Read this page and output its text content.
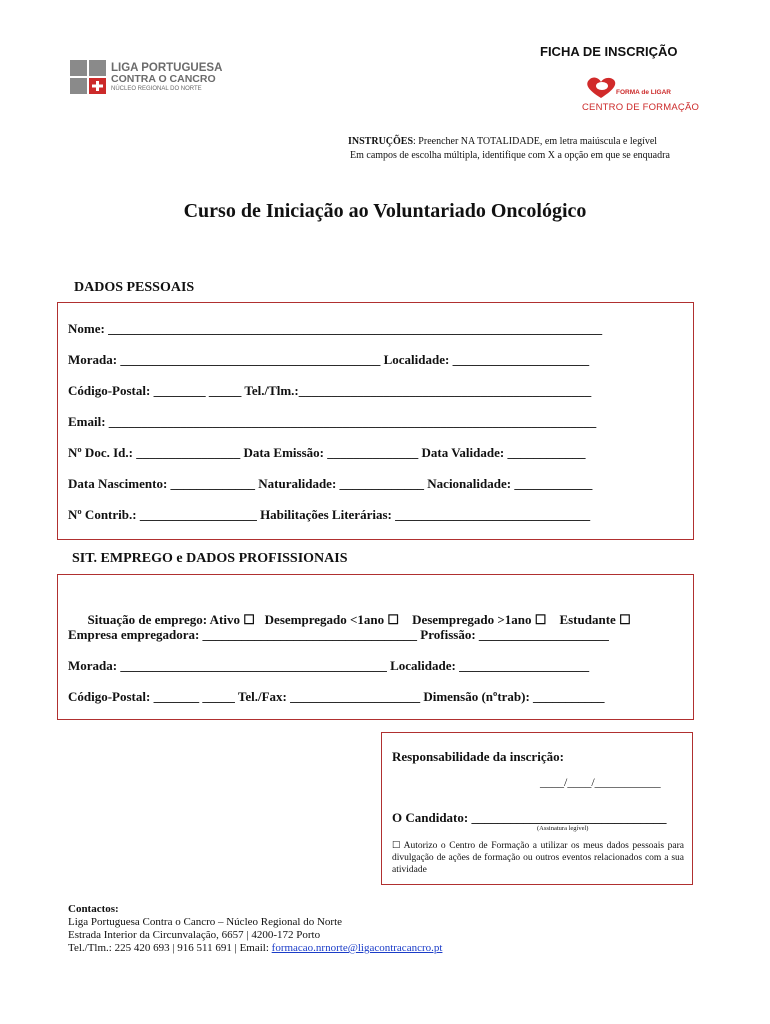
FICHA DE INSCRIÇÃO
LIGA PORTUGUESA
CONTRA O CANCRO
NÚCLEO REGIONAL DO NORTE	FORMA de LIGAR
CENTRO DE FORMAÇÃO
INSTRUÇÕES: Preencher NA TOTALIDADE, em letra maiúscula e legível
Em campos de escolha múltipla, identifique com X a opção em que se enquadra
Curso de Iniciação ao Voluntariado Oncológico
DADOS PESSOAIS
Nome: ____________________________________________________________________________
Morada: ________________________________________ Localidade: _____________________
Código-Postal: ________ _____ Tel./Tlm.:_____________________________________________
Email: ___________________________________________________________________________
Nº Doc. Id.: ________________ Data Emissão: ______________ Data Validade: ____________
Data Nascimento: _____________ Naturalidade: _____________ Nacionalidade: ____________
Nº Contrib.: __________________ Habilitações Literárias: ______________________________
SIT. EMPREGO e DADOS PROFISSIONAIS

Situação de emprego: Ativo ☐ Desempregado <1ano ☐ Desempregado >1ano ☐ Estudante ☐

Empresa empregadora: _________________________________ Profissão: ____________________
Morada: _________________________________________ Localidade: ____________________
Código-Postal: _______ _____ Tel./Fax: ____________________ Dimensão (nºtrab): ___________
Responsabilidade da inscrição:
____/____/___________
O Candidato: ______________________________
(Assinatura legível)
☐ Autorizo o Centro de Formação a utilizar os meus dados pessoais para divulgação de ações de formação ou outros eventos relacionados com a sua atividade
Contactos:
Liga Portuguesa Contra o Cancro – Núcleo Regional do Norte
Estrada Interior da Circunvalação, 6657 | 4200-172 Porto
Tel./Tlm.: 225 420 693 | 916 511 691 | Email: formacao.nrnorte@ligacontracancro.pt
